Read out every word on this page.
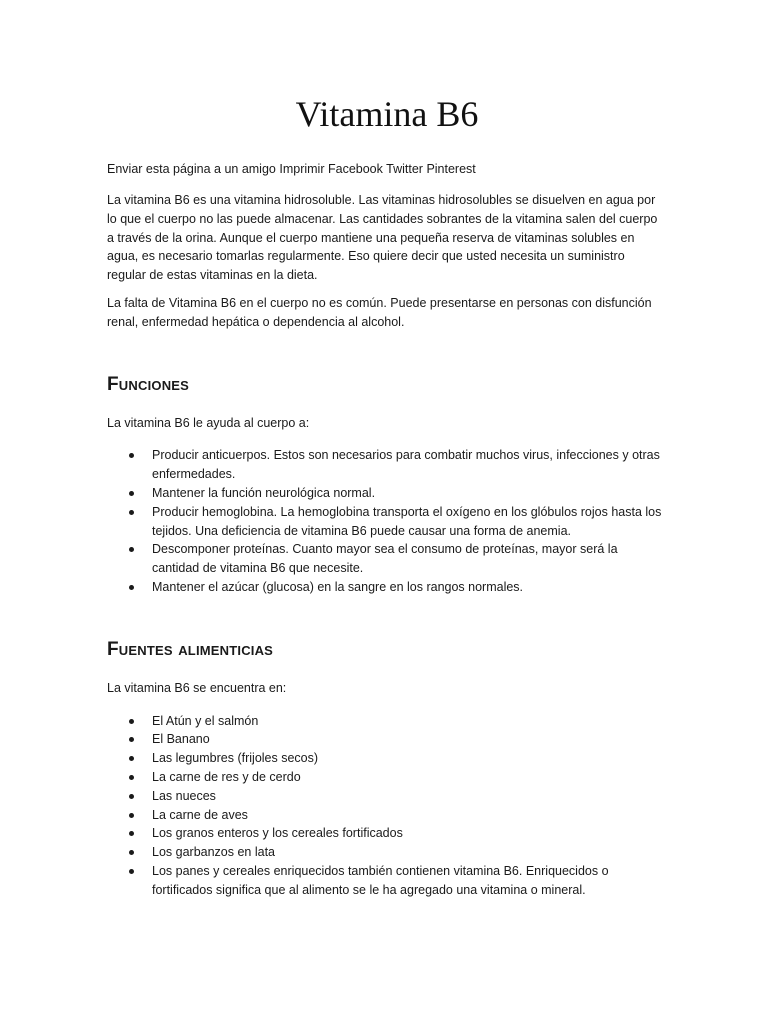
Vitamina B6
Enviar esta página a un amigo Imprimir Facebook Twitter Pinterest

La vitamina B6 es una vitamina hidrosoluble. Las vitaminas hidrosolubles se disuelven en agua por lo que el cuerpo no las puede almacenar. Las cantidades sobrantes de la vitamina salen del cuerpo a través de la orina. Aunque el cuerpo mantiene una pequeña reserva de vitaminas solubles en agua, es necesario tomarlas regularmente. Eso quiere decir que usted necesita un suministro regular de estas vitaminas en la dieta.

La falta de Vitamina B6 en el cuerpo no es común. Puede presentarse en personas con disfunción renal, enfermedad hepática o dependencia al alcohol.

Funciones

La vitamina B6 le ayuda al cuerpo a:

Producir anticuerpos. Estos son necesarios para combatir muchos virus, infecciones y otras enfermedades.
Mantener la función neurológica normal.
Producir hemoglobina. La hemoglobina transporta el oxígeno en los glóbulos rojos hasta los tejidos. Una deficiencia de vitamina B6 puede causar una forma de anemia.
Descomponer proteínas. Cuanto mayor sea el consumo de proteínas, mayor será la cantidad de vitamina B6 que necesite.
Mantener el azúcar (glucosa) en la sangre en los rangos normales.
Fuentes alimenticias

La vitamina B6 se encuentra en:

El Atún y el salmón
El Banano
Las legumbres (frijoles secos)
La carne de res y de cerdo
Las nueces
La carne de aves
Los granos enteros y los cereales fortificados
Los garbanzos en lata
Los panes y cereales enriquecidos también contienen vitamina B6. Enriquecidos o fortificados significa que al alimento se le ha agregado una vitamina o mineral.
